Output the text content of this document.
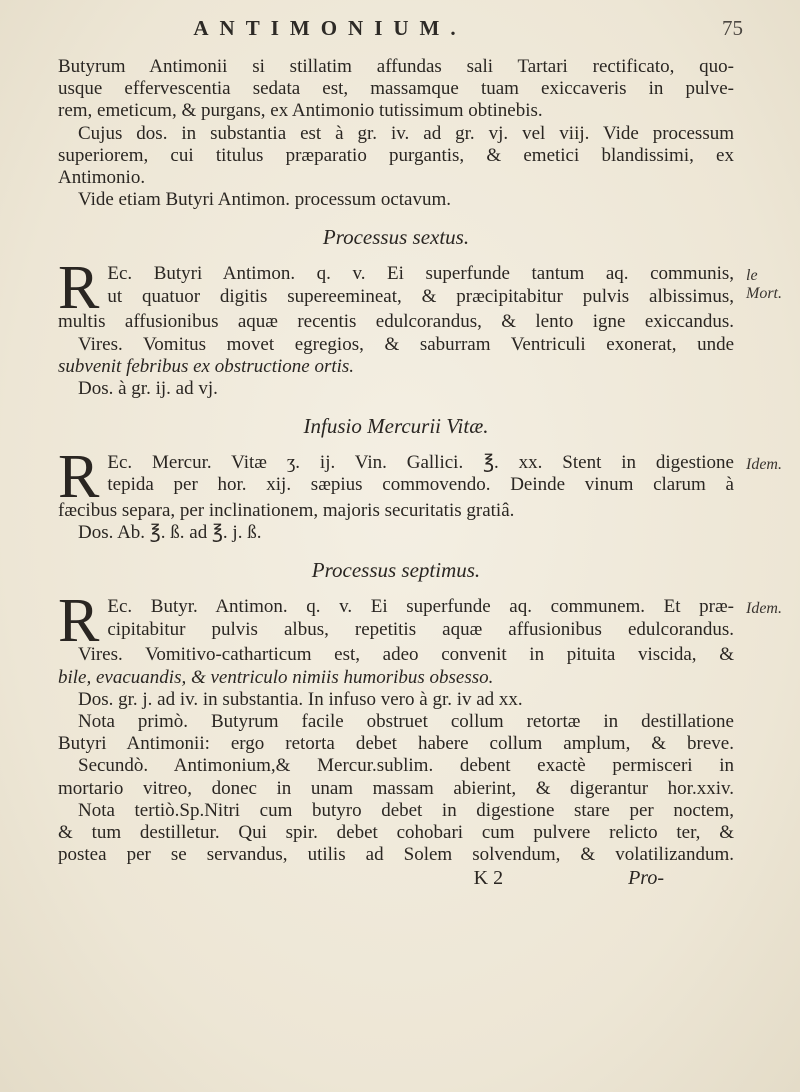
ANTIMONIUM.	75
Butyrum Antimonii si stillatim affundas sali Tartari rectificato, quo-
usque effervescentia sedata est, massamque tuam exiccaveris in pulve-
rem, emeticum, & purgans, ex Antimonio tutissimum obtinebis.
Cujus dos. in substantia est à gr. iv. ad gr. vj. vel viij. Vide processum
superiorem, cui titulus præparatio purgantis, & emetici blandissimi, ex
Antimonio.
Vide etiam Butyri Antimon. processum octavum.
Processus sextus.
le Mort.
R Ec. Butyri Antimon. q. v. Ei superfunde tantum aq. communis,
ut quatuor digitis supereemineat, & præcipitabitur pulvis albissimus,
multis affusionibus aquæ recentis edulcorandus, & lento igne exiccandus.
Vires. Vomitus movet egregios, & saburram Ventriculi exonerat, unde
subvenit febribus ex obstructione ortis.
Dos. à gr. ij. ad vj.
Infusio Mercurii Vitæ.
Idem.
R Ec. Mercur. Vitæ ʒ. ij. Vin. Gallici. ℥. xx. Stent in digestione
tepida per hor. xij. sæpius commovendo. Deinde vinum clarum à
fæcibus separa, per inclinationem, majoris securitatis gratiâ.
Dos. Ab. ℥. ß. ad ℥. j. ß.
Processus septimus.
Idem.
R Ec. Butyr. Antimon. q. v. Ei superfunde aq. communem. Et præ-
cipitabitur pulvis albus, repetitis aquæ affusionibus edulcorandus.
Vires. Vomitivo-catharticum est, adeo convenit in pituita viscida, &
bile, evacuandis, & ventriculo nimiis humoribus obsesso.
Dos. gr. j. ad iv. in substantia. In infuso vero à gr. iv ad xx.
Nota primò. Butyrum facile obstruet collum retortæ in destillatione
Butyri Antimonii: ergo retorta debet habere collum amplum, & breve.
Secundò. Antimonium,& Mercur.sublim. debent exactè permisceri in
mortario vitreo, donec in unam massam abierint, & digerantur hor.xxiv.
Nota tertiò.Sp.Nitri cum butyro debet in digestione stare per noctem,
& tum destilletur. Qui spir. debet cohobari cum pulvere relicto ter, &
postea per se servandus, utilis ad Solem solvendum, & volatilizandum.
K 2	Pro-
